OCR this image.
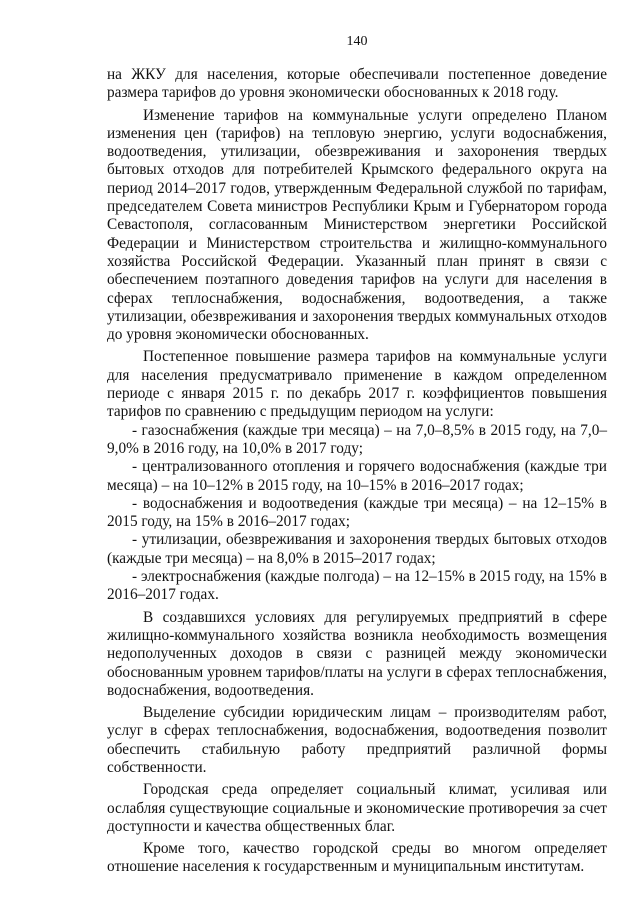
140

на ЖКУ для населения, которые обеспечивали постепенное доведение размера тарифов до уровня экономически обоснованных к 2018 году.

Изменение тарифов на коммунальные услуги определено Планом изменения цен (тарифов) на тепловую энергию, услуги водоснабжения, водоотведения, утилизации, обезвреживания и захоронения твердых бытовых отходов для потребителей Крымского федерального округа на период 2014–2017 годов, утвержденным Федеральной службой по тарифам, председателем Совета министров Республики Крым и Губернатором города Севастополя, согласованным Министерством энергетики Российской Федерации и Министерством строительства и жилищно-коммунального хозяйства Российской Федерации. Указанный план принят в связи с обеспечением поэтапного доведения тарифов на услуги для населения в сферах теплоснабжения, водоснабжения, водоотведения, а также утилизации, обезвреживания и захоронения твердых коммунальных отходов до уровня экономически обоснованных.

Постепенное повышение размера тарифов на коммунальные услуги для населения предусматривало применение в каждом определенном периоде с января 2015 г. по декабрь 2017 г. коэффициентов повышения тарифов по сравнению с предыдущим периодом на услуги:

- газоснабжения (каждые три месяца) – на 7,0–8,5% в 2015 году, на 7,0–9,0% в 2016 году, на 10,0% в 2017 году;

- централизованного отопления и горячего водоснабжения (каждые три месяца) – на 10–12% в 2015 году, на 10–15% в 2016–2017 годах;

- водоснабжения и водоотведения (каждые три месяца) – на 12–15% в 2015 году, на 15% в 2016–2017 годах;

- утилизации, обезвреживания и захоронения твердых бытовых отходов (каждые три месяца) – на 8,0% в 2015–2017 годах;

- электроснабжения (каждые полгода) – на 12–15% в 2015 году, на 15% в 2016–2017 годах.

В создавшихся условиях для регулируемых предприятий в сфере жилищно-коммунального хозяйства возникла необходимость возмещения недополученных доходов в связи с разницей между экономически обоснованным уровнем тарифов/платы на услуги в сферах теплоснабжения, водоснабжения, водоотведения.

Выделение субсидии юридическим лицам – производителям работ, услуг в сферах теплоснабжения, водоснабжения, водоотведения позволит обеспечить стабильную работу предприятий различной формы собственности.

Городская среда определяет социальный климат, усиливая или ослабляя существующие социальные и экономические противоречия за счет доступности и качества общественных благ.

Кроме того, качество городской среды во многом определяет отношение населения к государственным и муниципальным институтам.
